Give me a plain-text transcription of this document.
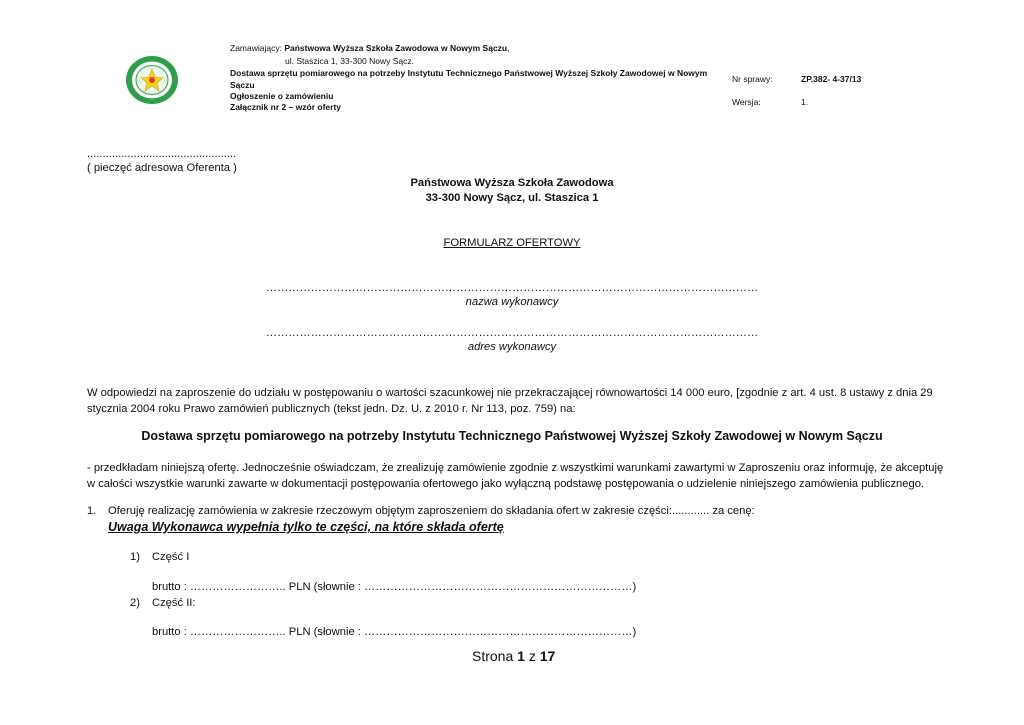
Zamawiający: Państwowa Wyższa Szkoła Zawodowa w Nowym Sączu,
ul. Staszica 1, 33-300 Nowy Sącz.
Dostawa sprzętu pomiarowego na potrzeby Instytutu Technicznego Państwowej Wyższej Szkoły Zawodowej w Nowym
Sączu
Ogłoszenie o zamówieniu
Załącznik nr 2 – wzór oferty
Nr sprawy:	ZP.382- 4-37/13
Wersja:	1.
................................................
( pieczęć adresowa Oferenta )
Państwowa Wyższa Szkoła Zawodowa
33-300 Nowy Sącz, ul. Staszica 1
FORMULARZ OFERTOWY
……………………………………………………………………………………………………………………
nazwa wykonawcy
……………………………………………………………………………………………………………………
adres wykonawcy
W odpowiedzi na zaproszenie do udziału w postępowaniu o wartości szacunkowej nie przekraczającej równowartości 14 000 euro, [zgodnie z art. 4 ust. 8 ustawy z dnia 29
stycznia 2004 roku Prawo zamówień publicznych (tekst jedn. Dz. U. z 2010 r. Nr 113, poz. 759) na:
Dostawa sprzętu pomiarowego na potrzeby Instytutu Technicznego Państwowej Wyższej Szkoły Zawodowej w Nowym Sączu
- przedkładam niniejszą ofertę. Jednocześnie oświadczam, że zrealizuję zamówienie zgodnie z wszystkimi warunkami zawartymi w Zaproszeniu oraz informuję, że akceptuję
w całości wszystkie warunki zawarte w dokumentacji postępowania ofertowego jako wyłączną podstawę postępowania o udzielenie niniejszego zamówienia publicznego.
1. Oferuję realizację zamówienia w zakresie rzeczowym objętym zaproszeniem do składania ofert w zakresie części:............ za cenę:
Uwaga Wykonawca wypełnia tylko te części, na które składa ofertę
1) Część I
brutto : …………………….. PLN (słownie : ………………………………………………………………)
2) Część II:
brutto : …………………….. PLN (słownie : ………………………………………………………………)
Strona 1 z 17
